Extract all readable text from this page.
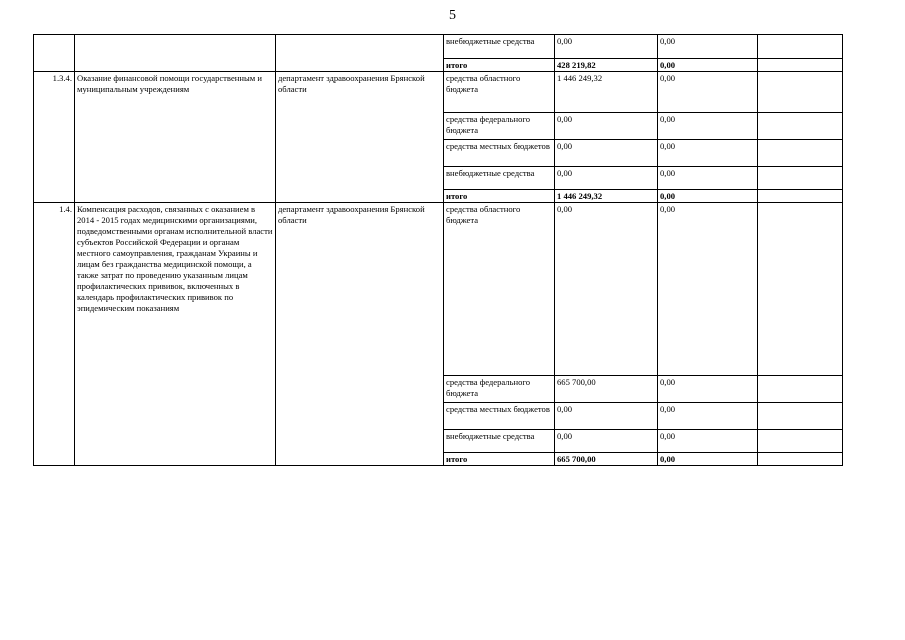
5
			внебюджетные средства	0,00	0,00	
			итого	428 219,82	0,00	
1.3.4.	Оказание финансовой помощи государственным и муниципальным учреждениям	департамент здравоохранения Брянской области	средства областного бюджета	1 446 249,32	0,00	
			средства федерального бюджета	0,00	0,00	
			средства местных бюджетов	0,00	0,00	
			внебюджетные средства	0,00	0,00	
			итого	1 446 249,32	0,00	
1.4.	Компенсация расходов, связанных с оказанием в 2014 - 2015 годах медицинскими организациями, подведомственными органам исполнительной власти субъектов Российской Федерации и органам местного самоуправления, гражданам Украины и лицам без гражданства медицинской помощи, а также затрат по проведению указанным лицам профилактических прививок, включенных в календарь профилактических прививок по эпидемическим показаниям	департамент здравоохранения Брянской области	средства областного бюджета	0,00	0,00	
			средства федерального бюджета	665 700,00	0,00	
			средства местных бюджетов	0,00	0,00	
			внебюджетные средства	0,00	0,00	
			итого	665 700,00	0,00	
